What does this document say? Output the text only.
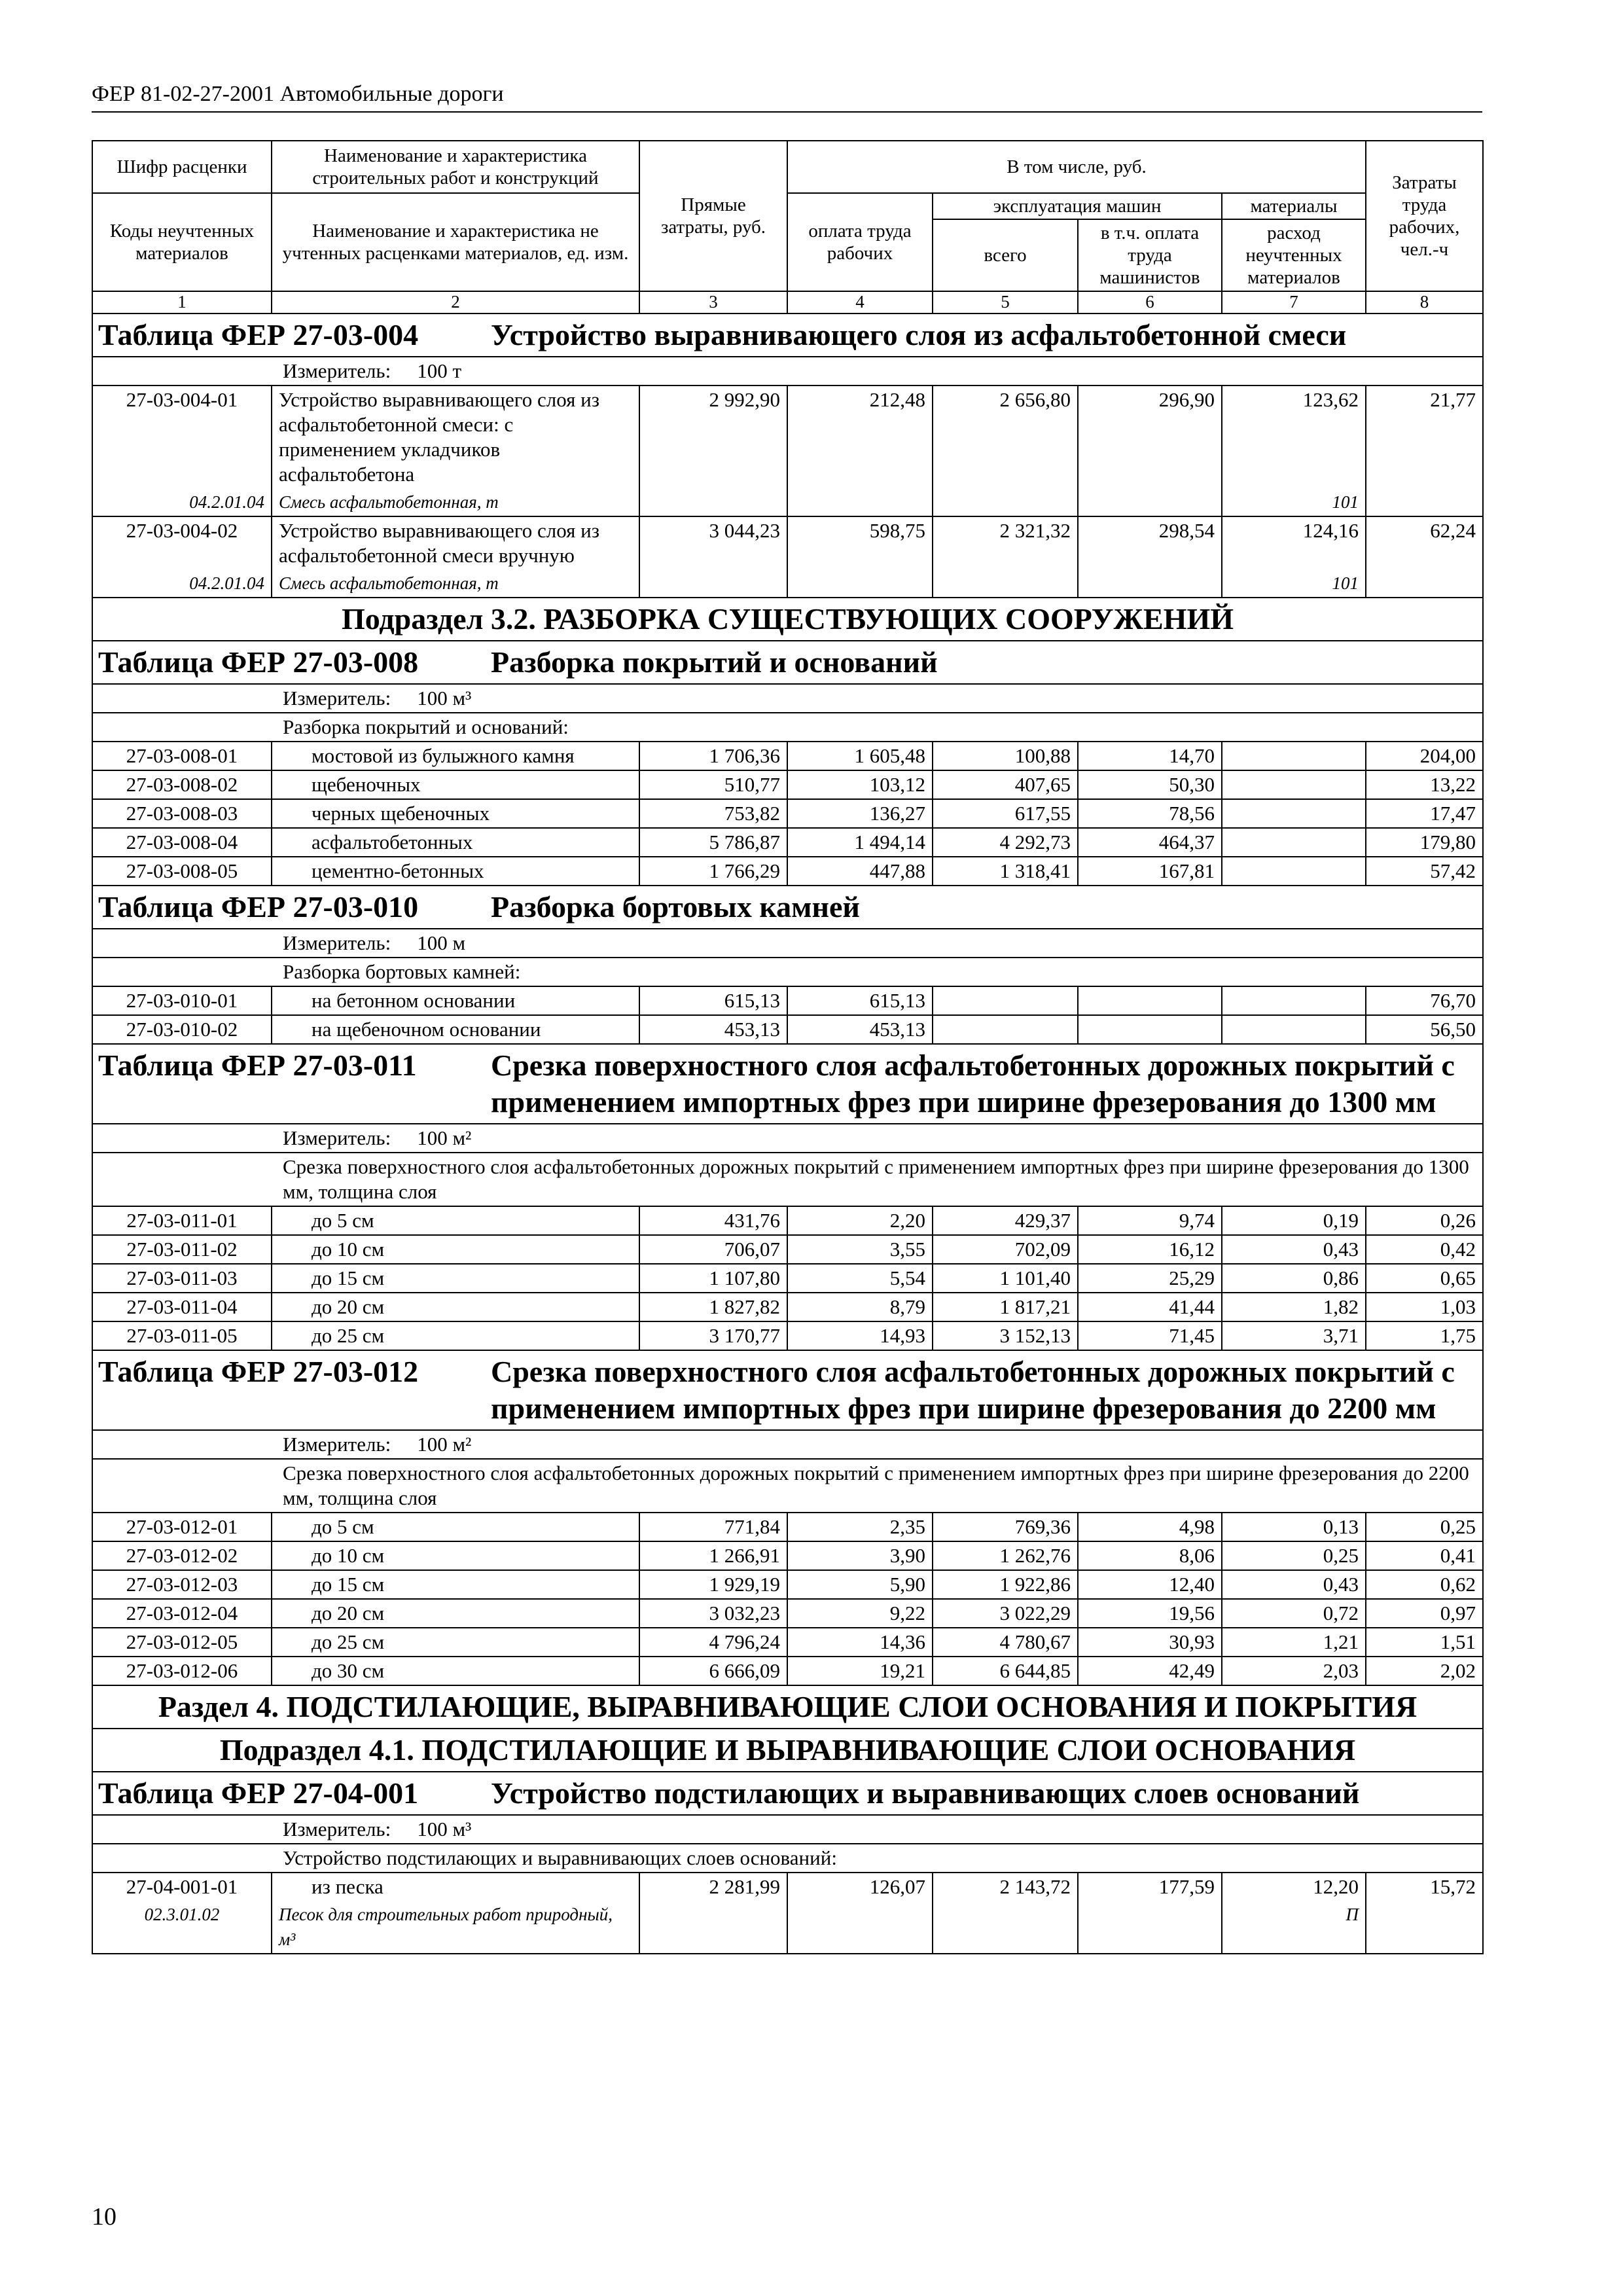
ФЕР 81-02-27-2001 Автомобильные дороги
Шифр расценки	Наименование и характеристика строительных работ и конструкций	Прямые затраты, руб.	В том числе, руб.				Затраты труда рабочих, чел.-ч
Коды неучтенных материалов	Наименование и характеристика не учтенных расценками материалов, ед. изм.		оплата труда рабочих	эксплуатация машин		материалы	
				всего	в т.ч. оплата труда машинистов	расход неучтенных материалов	
1	2	3	4	5	6	7	8
Таблица ФЕР 27-03-004 Устройство выравнивающего слоя из асфальтобетонной смеси							
Измеритель: 100 т							
27-03-004-01	Устройство выравнивающего слоя из асфальтобетонной смеси: с применением укладчиков асфальтобетона	2 992,90	212,48	2 656,80	296,90	123,62	21,77
04.2.01.04	Смесь асфальтобетонная, т					101	
27-03-004-02	Устройство выравнивающего слоя из асфальтобетонной смеси вручную	3 044,23	598,75	2 321,32	298,54	124,16	62,24
04.2.01.04	Смесь асфальтобетонная, т					101	
Подраздел 3.2. РАЗБОРКА СУЩЕСТВУЮЩИХ СООРУЖЕНИЙ							
Таблица ФЕР 27-03-008 Разборка покрытий и оснований							
Измеритель: 100 м³							
Разборка покрытий и оснований:							
27-03-008-01	мостовой из булыжного камня	1 706,36	1 605,48	100,88	14,70		204,00
27-03-008-02	щебеночных	510,77	103,12	407,65	50,30		13,22
27-03-008-03	черных щебеночных	753,82	136,27	617,55	78,56		17,47
27-03-008-04	асфальтобетонных	5 786,87	1 494,14	4 292,73	464,37		179,80
27-03-008-05	цементно-бетонных	1 766,29	447,88	1 318,41	167,81		57,42
Таблица ФЕР 27-03-010 Разборка бортовых камней							
Измеритель: 100 м							
Разборка бортовых камней:							
27-03-010-01	на бетонном основании	615,13	615,13				76,70
27-03-010-02	на щебеночном основании	453,13	453,13				56,50
Таблица ФЕР 27-03-011 Срезка поверхностного слоя асфальтобетонных дорожных покрытий с применением импортных фрез при ширине фрезерования до 1300 мм							
Измеритель: 100 м²							
Срезка поверхностного слоя асфальтобетонных дорожных покрытий с применением импортных фрез при ширине фрезерования до 1300 мм, толщина слоя							
27-03-011-01	до 5 см	431,76	2,20	429,37	9,74	0,19	0,26
27-03-011-02	до 10 см	706,07	3,55	702,09	16,12	0,43	0,42
27-03-011-03	до 15 см	1 107,80	5,54	1 101,40	25,29	0,86	0,65
27-03-011-04	до 20 см	1 827,82	8,79	1 817,21	41,44	1,82	1,03
27-03-011-05	до 25 см	3 170,77	14,93	3 152,13	71,45	3,71	1,75
Таблица ФЕР 27-03-012 Срезка поверхностного слоя асфальтобетонных дорожных покрытий с применением импортных фрез при ширине фрезерования до 2200 мм							
Измеритель: 100 м²							
Срезка поверхностного слоя асфальтобетонных дорожных покрытий с применением импортных фрез при ширине фрезерования до 2200 мм, толщина слоя							
27-03-012-01	до 5 см	771,84	2,35	769,36	4,98	0,13	0,25
27-03-012-02	до 10 см	1 266,91	3,90	1 262,76	8,06	0,25	0,41
27-03-012-03	до 15 см	1 929,19	5,90	1 922,86	12,40	0,43	0,62
27-03-012-04	до 20 см	3 032,23	9,22	3 022,29	19,56	0,72	0,97
27-03-012-05	до 25 см	4 796,24	14,36	4 780,67	30,93	1,21	1,51
27-03-012-06	до 30 см	6 666,09	19,21	6 644,85	42,49	2,03	2,02
Раздел 4. ПОДСТИЛАЮЩИЕ, ВЫРАВНИВАЮЩИЕ СЛОИ ОСНОВАНИЯ И ПОКРЫТИЯ							
Подраздел 4.1. ПОДСТИЛАЮЩИЕ И ВЫРАВНИВАЮЩИЕ СЛОИ ОСНОВАНИЯ							
Таблица ФЕР 27-04-001 Устройство подстилающих и выравнивающих слоев оснований							
Измеритель: 100 м³							
Устройство подстилающих и выравнивающих слоев оснований:							
27-04-001-01	из песка	2 281,99	126,07	2 143,72	177,59	12,20	15,72
02.3.01.02	Песок для строительных работ природный, м³					П	
10
